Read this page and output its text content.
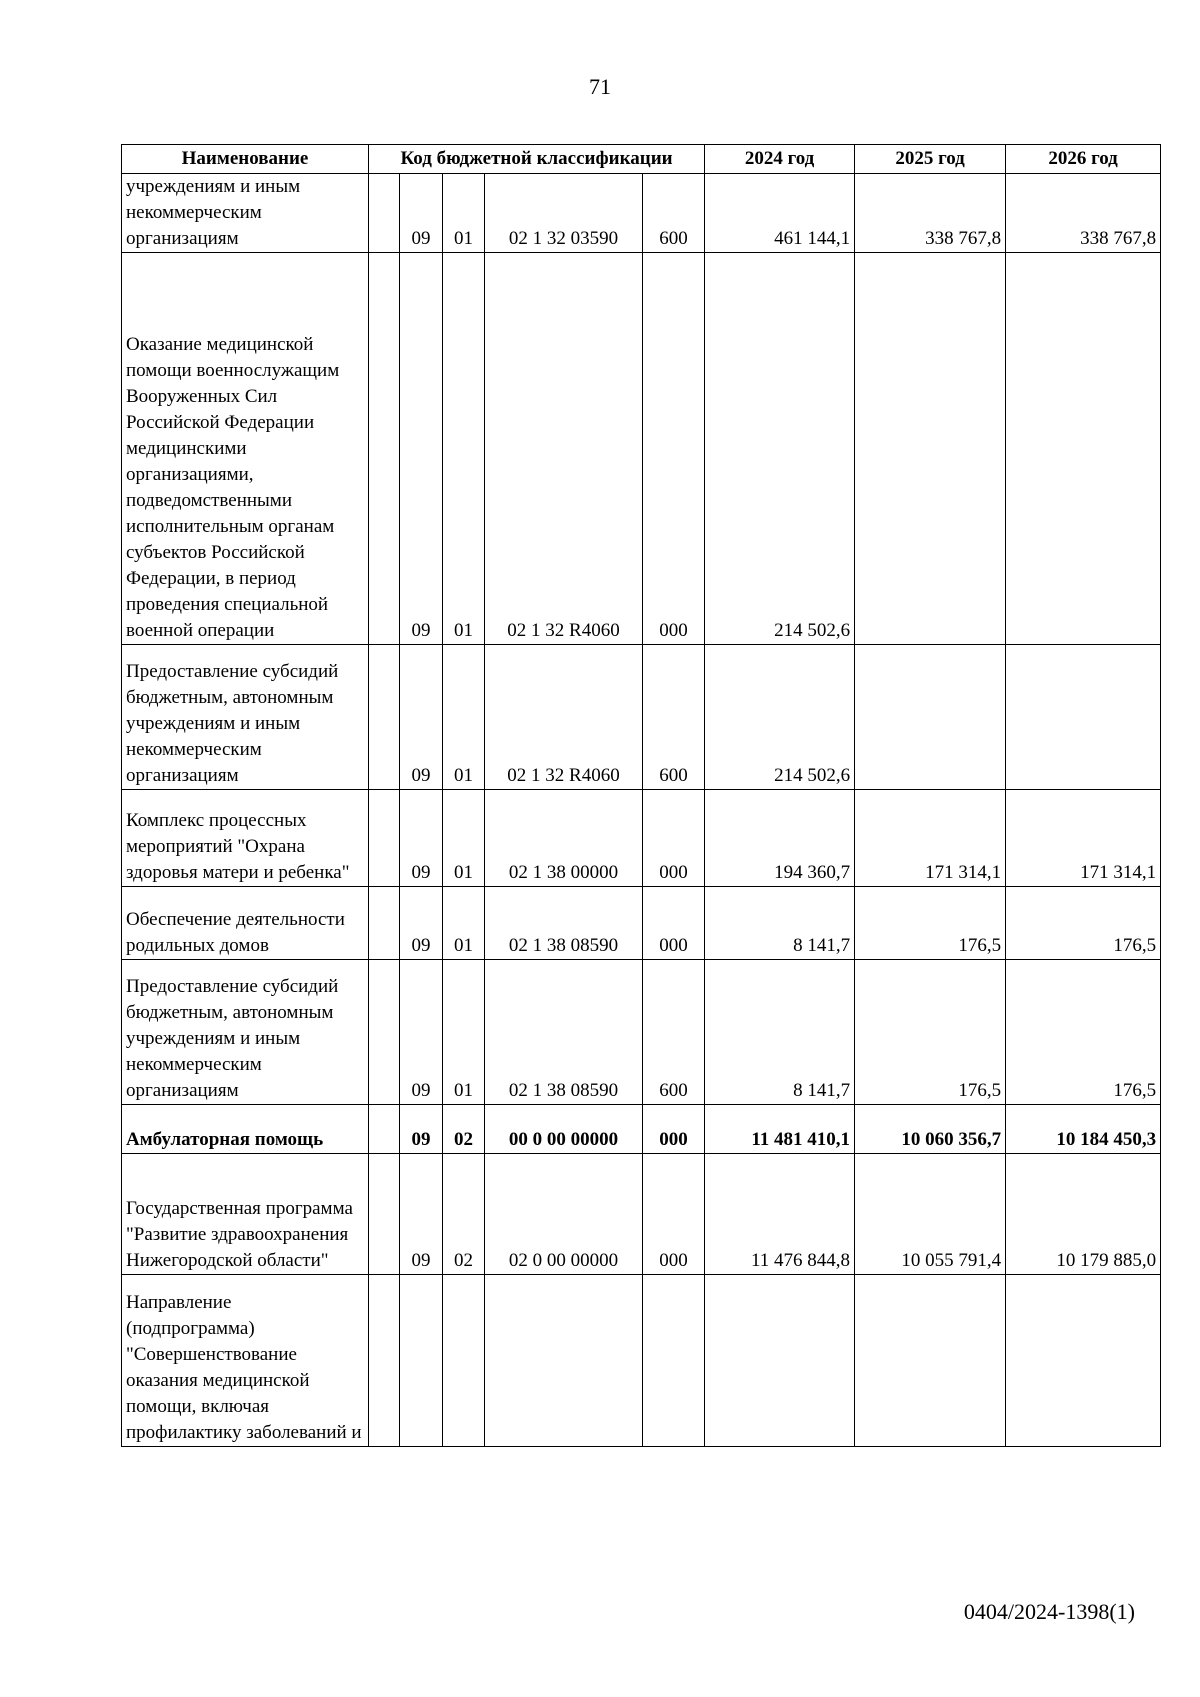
71
Наименование	Код бюджетной классификации					2024 год	2025 год	2026 год
учреждениям и иным некоммерческим организациям		09	01	02 1 32 03590	600	461 144,1	338 767,8	338 767,8
Оказание медицинской помощи военнослужащим Вооруженных Сил Российской Федерации медицинскими организациями, подведомственными исполнительным органам субъектов Российской Федерации, в период проведения специальной военной операции		09	01	02 1 32 R4060	000	214 502,6		
Предоставление субсидий бюджетным, автономным учреждениям и иным некоммерческим организациям		09	01	02 1 32 R4060	600	214 502,6		
Комплекс процессных мероприятий "Охрана здоровья матери и ребенка"		09	01	02 1 38 00000	000	194 360,7	171 314,1	171 314,1
Обеспечение деятельности родильных домов		09	01	02 1 38 08590	000	8 141,7	176,5	176,5
Предоставление субсидий бюджетным, автономным учреждениям и иным некоммерческим организациям		09	01	02 1 38 08590	600	8 141,7	176,5	176,5
Амбулаторная помощь		09	02	00 0 00 00000	000	11 481 410,1	10 060 356,7	10 184 450,3
Государственная программа "Развитие здравоохранения Нижегородской области"		09	02	02 0 00 00000	000	11 476 844,8	10 055 791,4	10 179 885,0
Направление (подпрограмма) "Совершенствование оказания медицинской помощи, включая профилактику заболеваний и								
0404/2024-1398(1)
